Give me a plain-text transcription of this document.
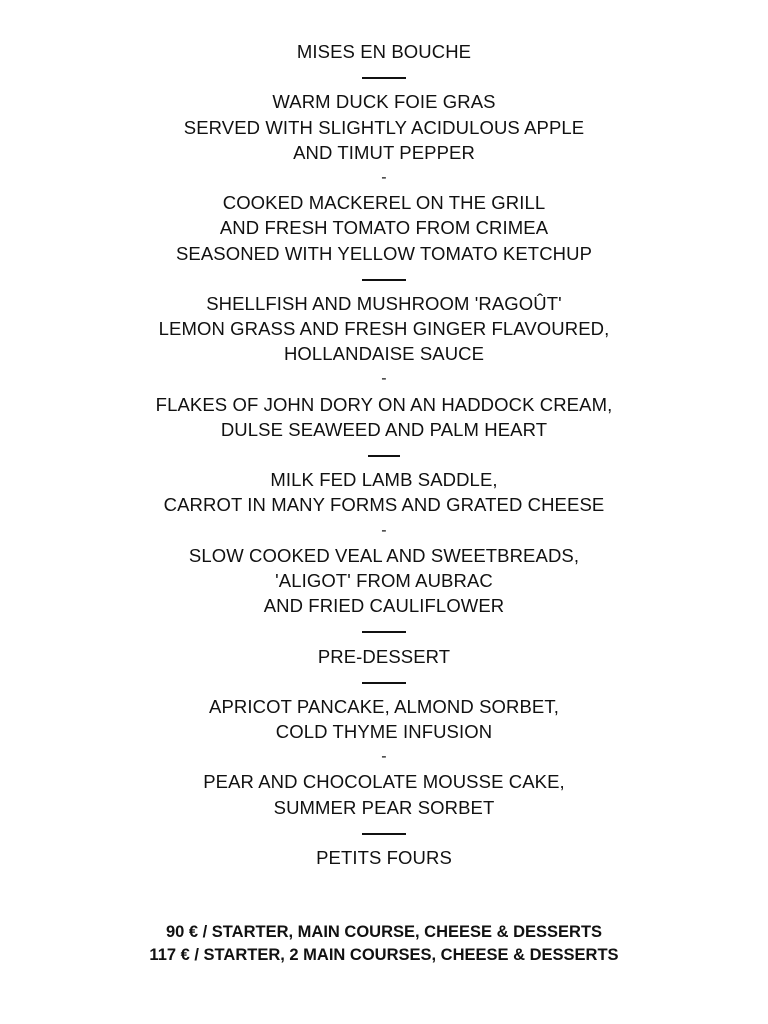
MISES EN BOUCHE
WARM DUCK FOIE GRAS
SERVED WITH SLIGHTLY ACIDULOUS APPLE
AND TIMUT PEPPER
-
COOKED MACKEREL ON THE GRILL
AND FRESH TOMATO FROM CRIMEA
SEASONED WITH YELLOW TOMATO KETCHUP
SHELLFISH AND MUSHROOM 'RAGOÛT'
LEMON GRASS AND FRESH GINGER FLAVOURED,
HOLLANDAISE SAUCE
-
FLAKES OF JOHN DORY ON AN HADDOCK CREAM,
DULSE SEAWEED AND PALM HEART
MILK FED LAMB SADDLE,
CARROT IN MANY FORMS AND GRATED CHEESE
-
SLOW COOKED VEAL AND SWEETBREADS,
'ALIGOT' FROM AUBRAC
AND FRIED CAULIFLOWER
PRE-DESSERT
APRICOT PANCAKE, ALMOND SORBET,
COLD THYME INFUSION
-
PEAR AND CHOCOLATE MOUSSE CAKE,
SUMMER PEAR SORBET
PETITS FOURS
90 € / STARTER, MAIN COURSE, CHEESE & DESSERTS
117 € / STARTER, 2 MAIN COURSES, CHEESE & DESSERTS
